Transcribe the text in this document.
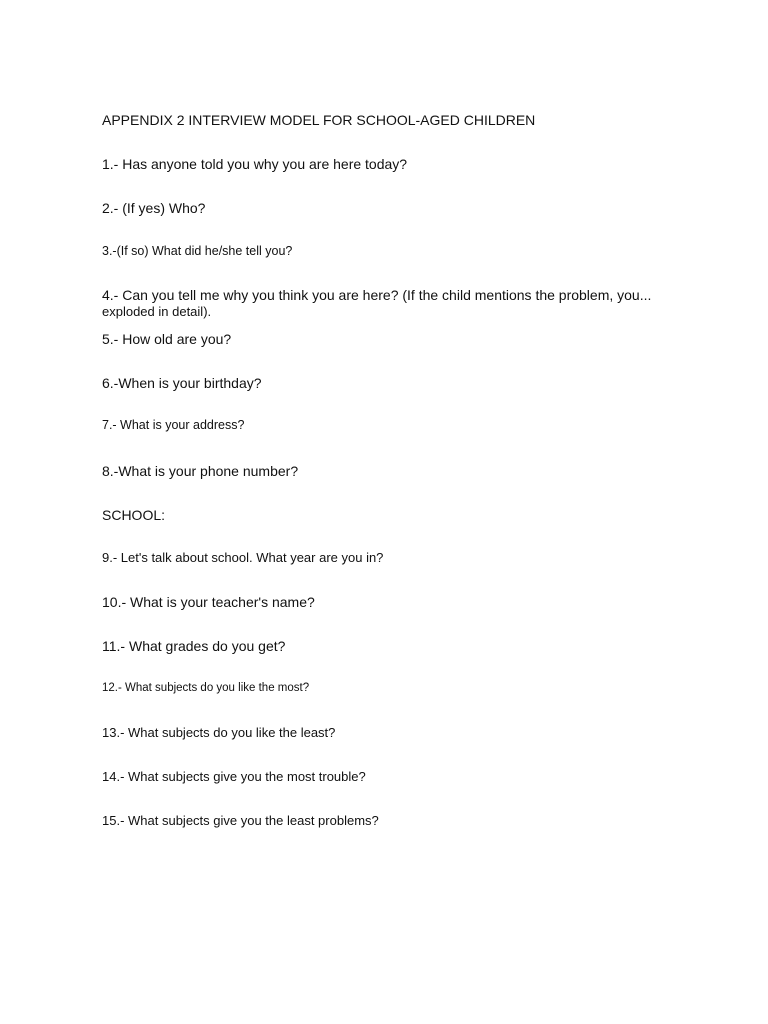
APPENDIX 2 INTERVIEW MODEL FOR SCHOOL-AGED CHILDREN
1.- Has anyone told you why you are here today?
2.- (If yes) Who?
3.-(If so) What did he/she tell you?
4.- Can you tell me why you think you are here? (If the child mentions the problem, you...
exploded in detail).
5.- How old are you?
6.-When is your birthday?
7.- What is your address?
8.-What is your phone number?
SCHOOL:
9.- Let's talk about school. What year are you in?
10.- What is your teacher's name?
11.- What grades do you get?
12.- What subjects do you like the most?
13.- What subjects do you like the least?
14.- What subjects give you the most trouble?
15.- What subjects give you the least problems?
